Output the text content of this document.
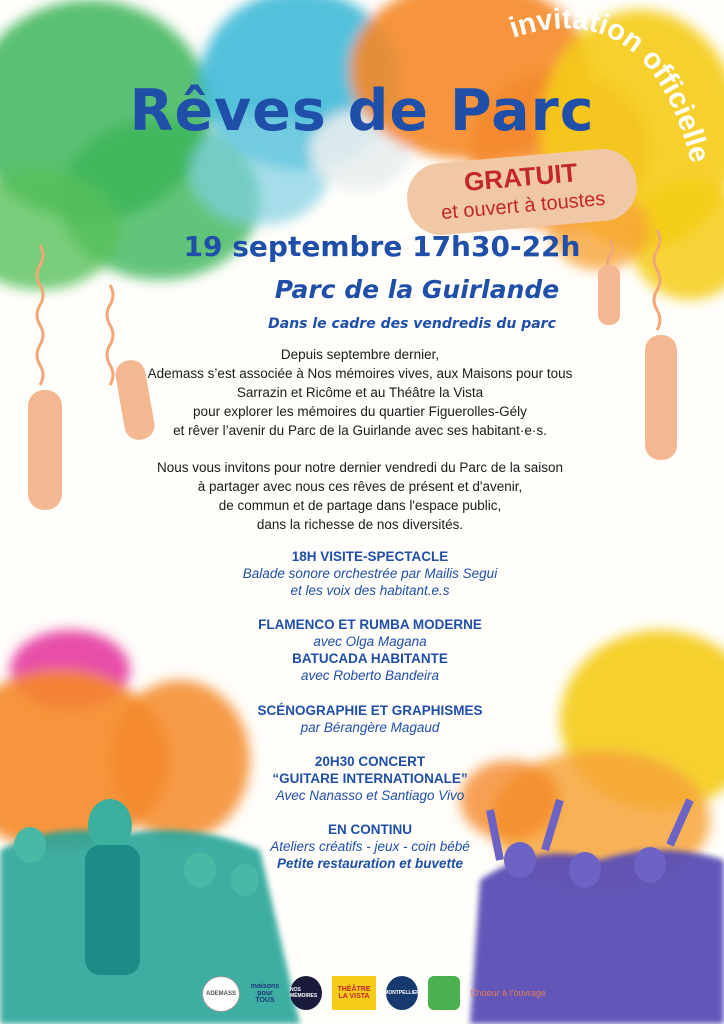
invitation officielle
Rêves de Parc
GRATUIT
et ouvert à toustes
19 septembre 17h30-22h
Parc de la Guirlande
Dans le cadre des vendredis du parc
Depuis septembre dernier,
Ademass s’est associée à Nos mémoires vives, aux Maisons pour tous
Sarrazin et Ricôme et au Théâtre la Vista
pour explorer les mémoires du quartier Figuerolles-Gély
et rêver l’avenir du Parc de la Guirlande avec ses habitant·e·s.
Nous vous invitons pour notre dernier vendredi du Parc de la saison
à partager avec nous ces rêves de présent et d'avenir,
de commun et de partage dans l'espace public,
dans la richesse de nos diversités.
18H VISITE-SPECTACLE
Balade sonore orchestrée par Mailis Segui
et les voix des habitant.e.s
FLAMENCO ET RUMBA MODERNE
avec Olga Magana
BATUCADA HABITANTE
avec Roberto Bandeira
SCÉNOGRAPHIE ET GRAPHISMES
par Bérangère Magaud
20H30 CONCERT
“GUITARE INTERNATIONALE”
Avec Nanasso et Santiago Vivo
EN CONTINU
Ateliers créatifs - jeux - coin bébé
Petite restauration et buvette
ADEMASS
maisons pour TOUS
NOS MÉMOIRES
THÉÂTRE LA VISTA	MONTPELLIER	Choeur à l'ouvrage
